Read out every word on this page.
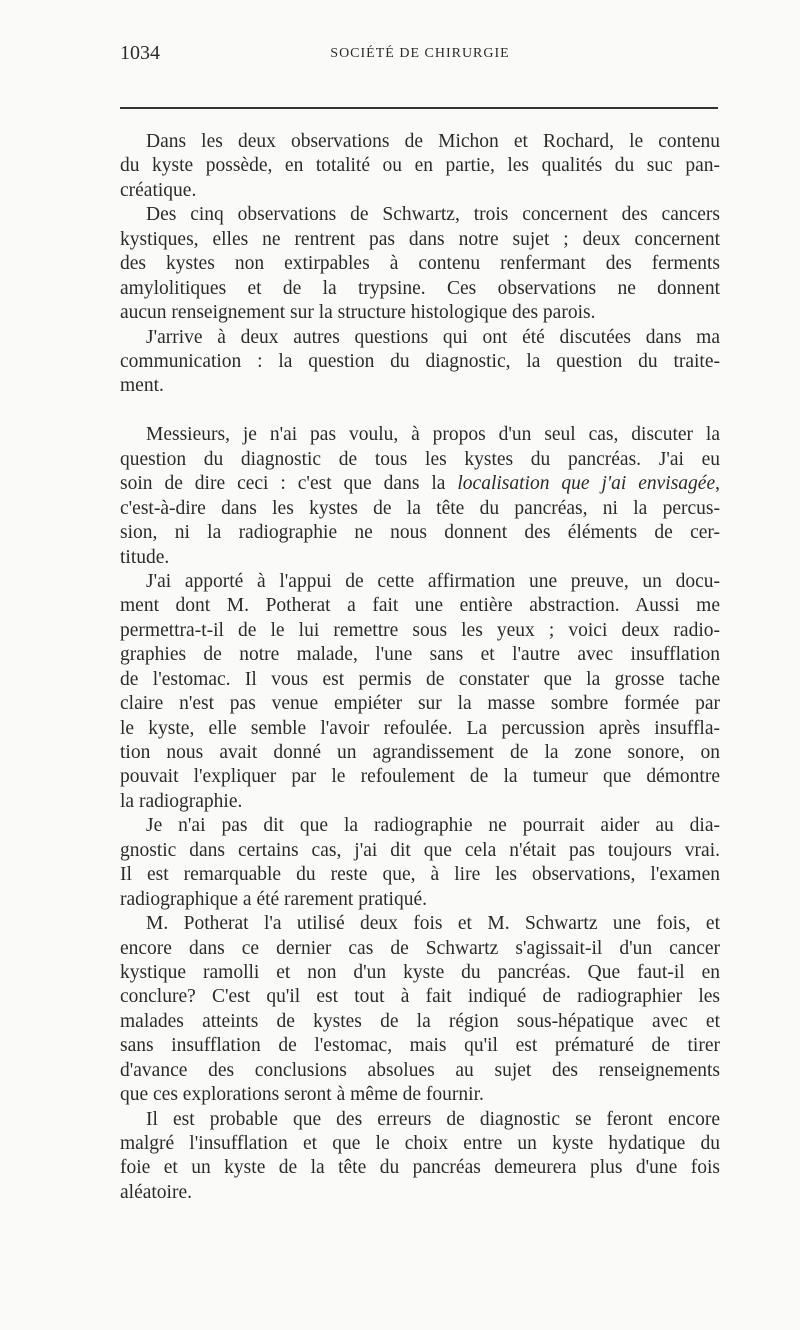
1034	SOCIÉTÉ DE CHIRURGIE
Dans les deux observations de Michon et Rochard, le contenu
du kyste possède, en totalité ou en partie, les qualités du suc pan-
créatique.
Des cinq observations de Schwartz, trois concernent des cancers
kystiques, elles ne rentrent pas dans notre sujet ; deux concernent
des kystes non extirpables à contenu renfermant des ferments
amylolitiques et de la trypsine. Ces observations ne donnent
aucun renseignement sur la structure histologique des parois.
J'arrive à deux autres questions qui ont été discutées dans ma
communication : la question du diagnostic, la question du traite-
ment.
Messieurs, je n'ai pas voulu, à propos d'un seul cas, discuter la
question du diagnostic de tous les kystes du pancréas. J'ai eu
soin de dire ceci : c'est que dans la localisation que j'ai envisagée,
c'est-à-dire dans les kystes de la tête du pancréas, ni la percus-
sion, ni la radiographie ne nous donnent des éléments de cer-
titude.
J'ai apporté à l'appui de cette affirmation une preuve, un docu-
ment dont M. Potherat a fait une entière abstraction. Aussi me
permettra-t-il de le lui remettre sous les yeux ; voici deux radio-
graphies de notre malade, l'une sans et l'autre avec insufflation
de l'estomac. Il vous est permis de constater que la grosse tache
claire n'est pas venue empiéter sur la masse sombre formée par
le kyste, elle semble l'avoir refoulée. La percussion après insuffla-
tion nous avait donné un agrandissement de la zone sonore, on
pouvait l'expliquer par le refoulement de la tumeur que démontre
la radiographie.
Je n'ai pas dit que la radiographie ne pourrait aider au dia-
gnostic dans certains cas, j'ai dit que cela n'était pas toujours vrai.
Il est remarquable du reste que, à lire les observations, l'examen
radiographique a été rarement pratiqué.
M. Potherat l'a utilisé deux fois et M. Schwartz une fois, et
encore dans ce dernier cas de Schwartz s'agissait-il d'un cancer
kystique ramolli et non d'un kyste du pancréas. Que faut-il en
conclure? C'est qu'il est tout à fait indiqué de radiographier les
malades atteints de kystes de la région sous-hépatique avec et
sans insufflation de l'estomac, mais qu'il est prématuré de tirer
d'avance des conclusions absolues au sujet des renseignements
que ces explorations seront à même de fournir.
Il est probable que des erreurs de diagnostic se feront encore
malgré l'insufflation et que le choix entre un kyste hydatique du
foie et un kyste de la tête du pancréas demeurera plus d'une fois
aléatoire.
